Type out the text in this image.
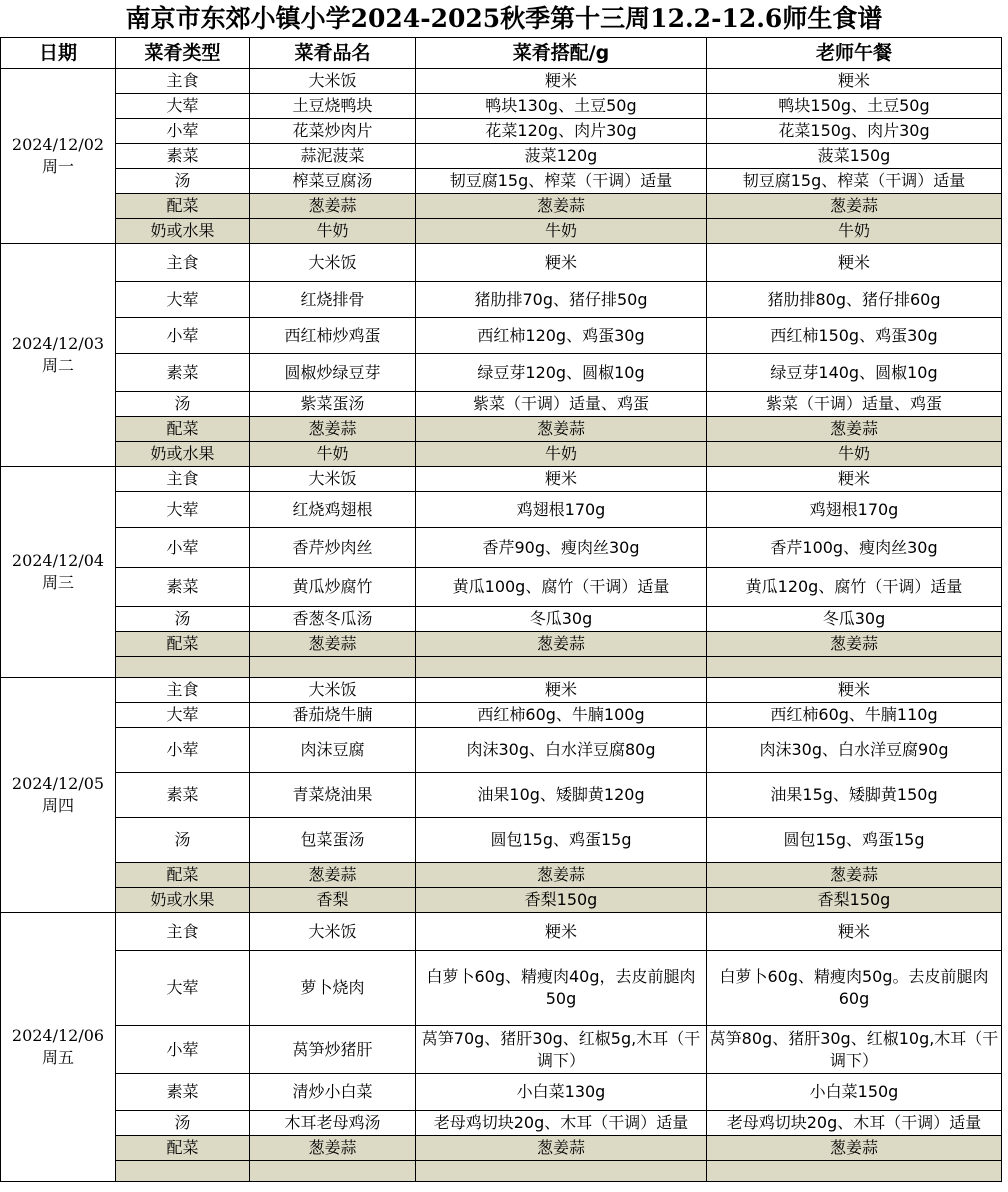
南京市东郊小镇小学2024-2025秋季第十三周12.2-12.6师生食谱
日期	菜肴类型	菜肴品名	菜肴搭配/g	老师午餐
2024/12/02　周一	主食	大米饭	粳米	粳米
	大荤	土豆烧鸭块	鸭块130g、土豆50g	鸭块150g、土豆50g
	小荤	花菜炒肉片	花菜120g、肉片30g	花菜150g、肉片30g
	素菜	蒜泥菠菜	菠菜120g	菠菜150g
	汤	榨菜豆腐汤	韧豆腐15g、榨菜（干调）适量	韧豆腐15g、榨菜（干调）适量
	配菜	葱姜蒜	葱姜蒜	葱姜蒜
	奶或水果	牛奶	牛奶	牛奶
2024/12/03 周二	主食	大米饭	粳米	粳米
	大荤	红烧排骨	猪肋排70g、猪仔排50g	猪肋排80g、猪仔排60g
	小荤	西红柿炒鸡蛋	西红柿120g、鸡蛋30g	西红柿150g、鸡蛋30g
	素菜	圆椒炒绿豆芽	绿豆芽120g、圆椒10g	绿豆芽140g、圆椒10g
	汤	紫菜蛋汤	紫菜（干调）适量、鸡蛋	紫菜（干调）适量、鸡蛋
	配菜	葱姜蒜	葱姜蒜	葱姜蒜
	奶或水果	牛奶	牛奶	牛奶
2024/12/04 周三	主食	大米饭	粳米	粳米
	大荤	红烧鸡翅根	鸡翅根170g	鸡翅根170g
	小荤	香芹炒肉丝	香芹90g、瘦肉丝30g	香芹100g、瘦肉丝30g
	素菜	黄瓜炒腐竹	黄瓜100g、腐竹（干调）适量	黄瓜120g、腐竹（干调）适量
	汤	香葱冬瓜汤	冬瓜30g	冬瓜30g
	配菜	葱姜蒜	葱姜蒜	葱姜蒜

2024/12/05　周四	主食	大米饭	粳米	粳米
	大荤	番茄烧牛腩	西红柿60g、牛腩100g	西红柿60g、牛腩110g
	小荤	肉沫豆腐	肉沫30g、白水洋豆腐80g	肉沫30g、白水洋豆腐90g
	素菜	青菜烧油果	油果10g、矮脚黄120g	油果15g、矮脚黄150g
	汤	包菜蛋汤	圆包15g、鸡蛋15g	圆包15g、鸡蛋15g
	配菜	葱姜蒜	葱姜蒜	葱姜蒜
	奶或水果	香梨	香梨150g	香梨150g
2024/12/06 周五	主食	大米饭	粳米	粳米
	大荤	萝卜烧肉	白萝卜60g、精瘦肉40g，去皮前腿肉50g	白萝卜60g、精瘦肉50g。去皮前腿肉60g
	小荤	莴笋炒猪肝	莴笋70g、猪肝30g、红椒5g,木耳（干调下）	莴笋80g、猪肝30g、红椒10g,木耳（干调下）
	素菜	清炒小白菜	小白菜130g	小白菜150g
	汤	木耳老母鸡汤	老母鸡切块20g、木耳（干调）适量	老母鸡切块20g、木耳（干调）适量
	配菜	葱姜蒜	葱姜蒜	葱姜蒜
